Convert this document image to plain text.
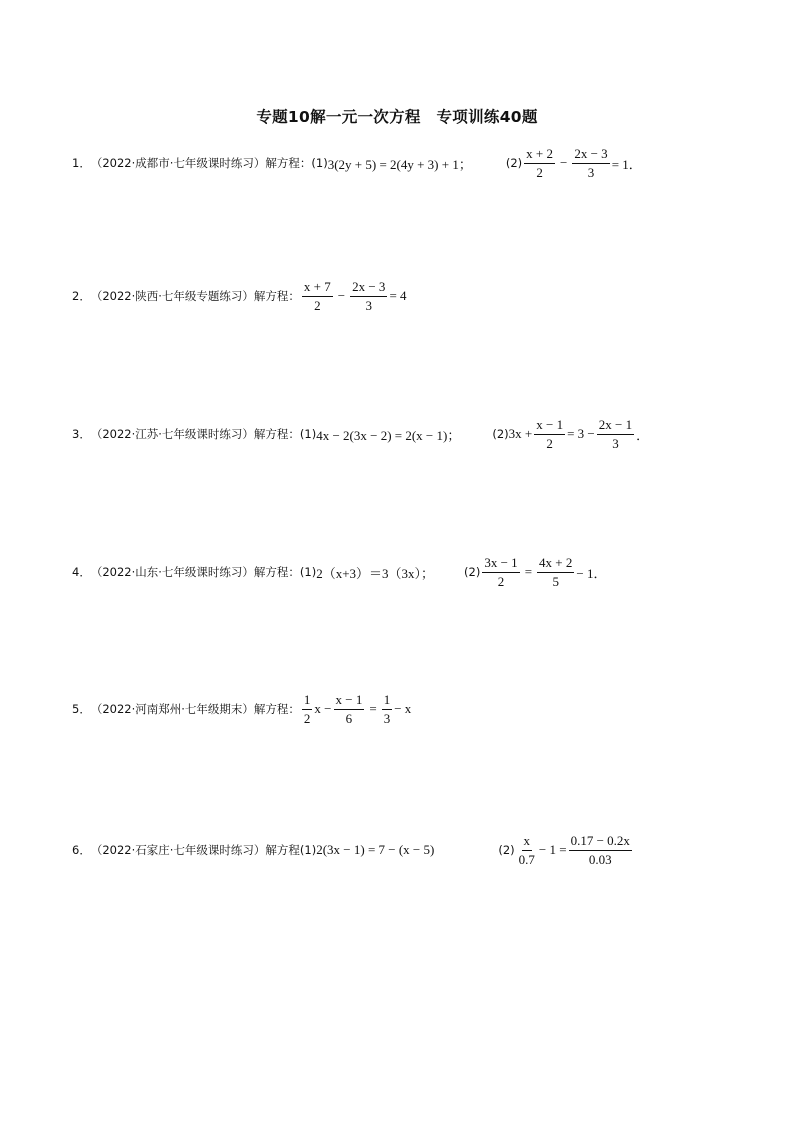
专题10解一元一次方程　专项训练40题
1． （2022·成都市·七年级课时练习） 解方程： (1) 3(2y + 5) = 2(4y + 3) + 1；	$(2) \frac{x + 2}{2} - \frac{2x - 3}{3} = 1$．
2． （2022·陕西·七年级专题练习） 解方程： $\frac{x + 7}{2} - \frac{2x - 3}{3} = 4$
3． （2022·江苏·七年级课时练习） 解方程： (1) 4x − 2(3x − 2) = 2(x − 1)；	(2) $3x + \frac{x - 1}{2} = 3 - \frac{2x - 1}{3}$ ．
4． （2022·山东·七年级课时练习） 解方程： (1) 2（x+3）＝3（3x）；	$(2) \frac{3x - 1}{2} = \frac{4x + 2}{5} - 1$．
5． （2022·河南郑州·七年级期末） 解方程： $\frac{1}{2}$ $x - \frac{x - 1}{6} = \frac{1}{3} - x$
6． （2022·石家庄·七年级课时练习） 解方程 (1) 2(3x − 1) = 7 − (x − 5)	$(2) \frac{x}{0.7} - 1 = \frac{0.17 - 0.2x}{0.03}$
